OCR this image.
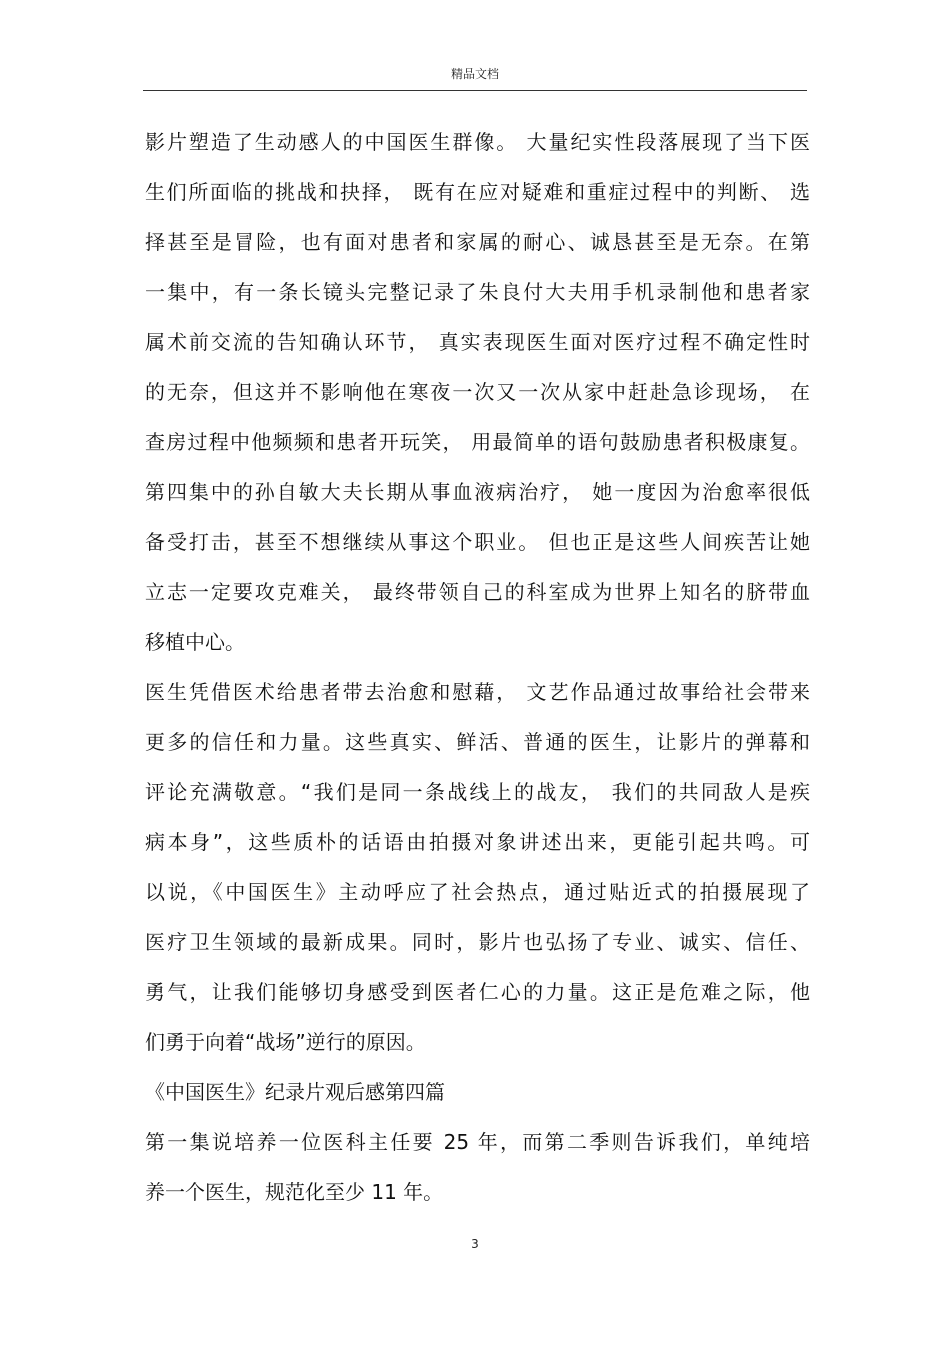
精品文档
影片塑造了生动感人的中国医生群像。 大量纪实性段落展现了当下医
生们所面临的挑战和抉择， 既有在应对疑难和重症过程中的判断、 选
择甚至是冒险，也有面对患者和家属的耐心、诚恳甚至是无奈。在第
一集中，有一条长镜头完整记录了朱良付大夫用手机录制他和患者家
属术前交流的告知确认环节， 真实表现医生面对医疗过程不确定性时
的无奈，但这并不影响他在寒夜一次又一次从家中赶赴急诊现场， 在
查房过程中他频频和患者开玩笑， 用最简单的语句鼓励患者积极康复。
第四集中的孙自敏大夫长期从事血液病治疗， 她一度因为治愈率很低
备受打击，甚至不想继续从事这个职业。 但也正是这些人间疾苦让她
立志一定要攻克难关， 最终带领自己的科室成为世界上知名的脐带血
移植中心。
医生凭借医术给患者带去治愈和慰藉， 文艺作品通过故事给社会带来
更多的信任和力量。这些真实、鲜活、普通的医生，让影片的弹幕和
评论充满敬意。“我们是同一条战线上的战友， 我们的共同敌人是疾
病本身”，这些质朴的话语由拍摄对象讲述出来，更能引起共鸣。可
以说，《中国医生》主动呼应了社会热点，通过贴近式的拍摄展现了
医疗卫生领域的最新成果。同时，影片也弘扬了专业、诚实、信任、
勇气，让我们能够切身感受到医者仁心的力量。这正是危难之际，他
们勇于向着“战场”逆行的原因。
《中国医生》纪录片观后感第四篇
第一集说培养一位医科主任要 25 年，而第二季则告诉我们，单纯培
养一个医生，规范化至少 11 年。
3
